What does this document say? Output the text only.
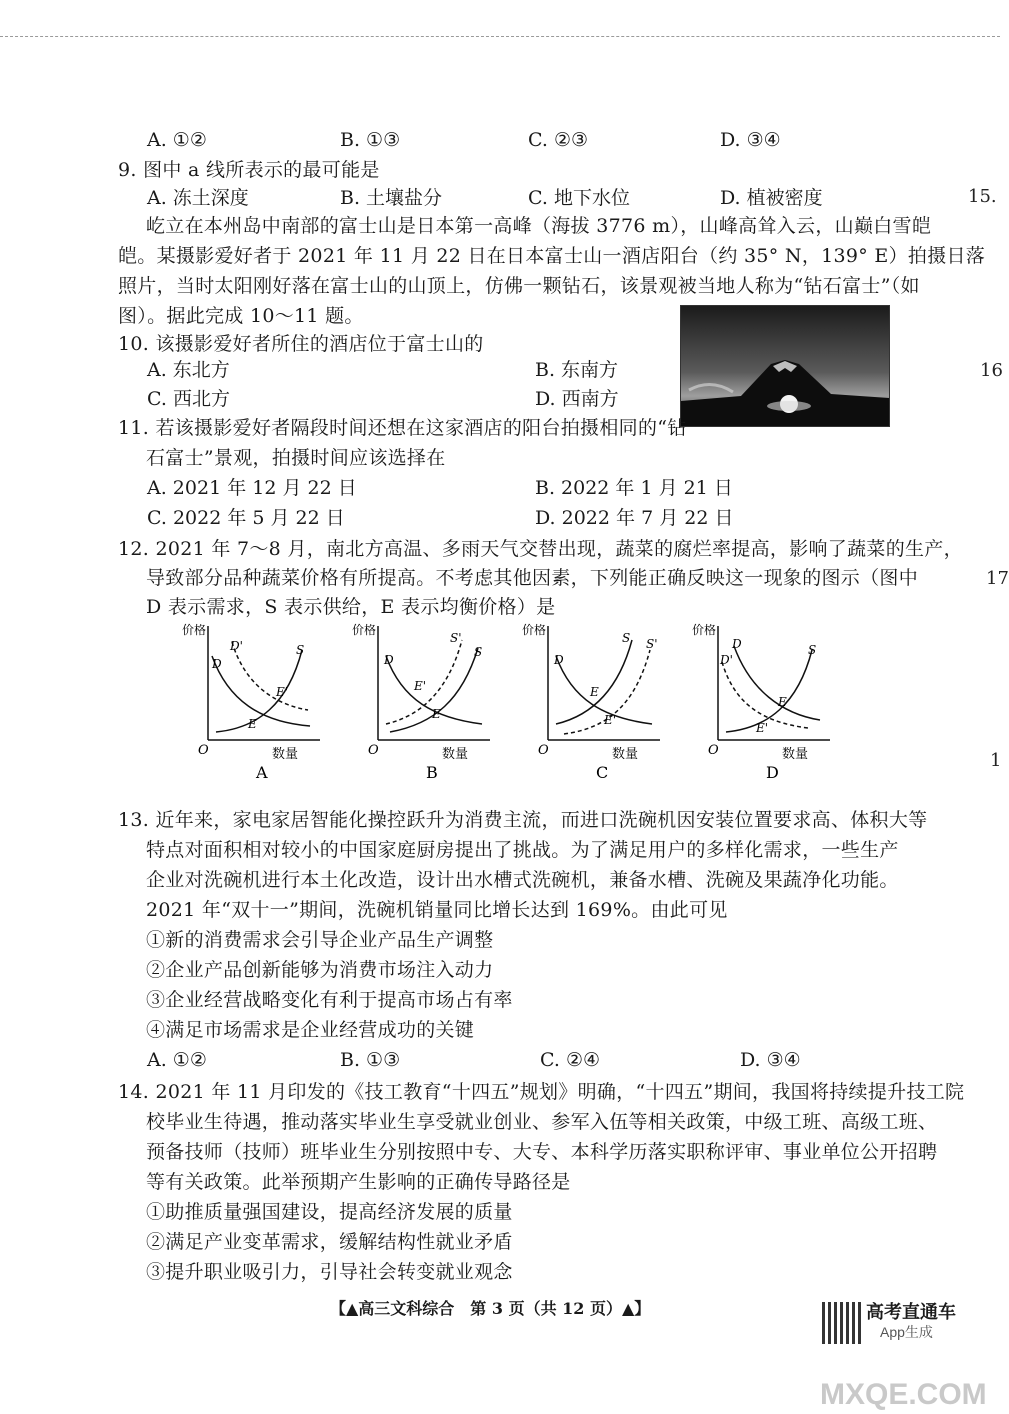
A. ①②	B. ①③	C. ②③	D. ③④
9. 图中 a 线所表示的最可能是
A. 冻土深度	B. 土壤盐分	C. 地下水位	D. 植被密度
屹立在本州岛中南部的富士山是日本第一高峰（海拔 3776 m），山峰高耸入云，山巅白雪皑
皑。某摄影爱好者于 2021 年 11 月 22 日在日本富士山一酒店阳台（约 35° N，139° E）拍摄日落
照片，当时太阳刚好落在富士山的山顶上，仿佛一颗钻石，该景观被当地人称为“钻石富士”（如
图）。据此完成 10～11 题。
10. 该摄影爱好者所住的酒店位于富士山的
A. 东北方	B. 东南方
C. 西北方	D. 西南方
11. 若该摄影爱好者隔段时间还想在这家酒店的阳台拍摄相同的“钻
石富士”景观，拍摄时间应该选择在
A. 2021 年 12 月 22 日	B. 2022 年 1 月 21 日
C. 2022 年 5 月 22 日	D. 2022 年 7 月 22 日
12. 2021 年 7～8 月，南北方高温、多雨天气交替出现，蔬菜的腐烂率提高，影响了蔬菜的生产，
导致部分品种蔬菜价格有所提高。不考虑其他因素，下列能正确反映这一现象的图示（图中
D 表示需求，S 表示供给，E 表示均衡价格）是
价格
数量
O
D
D'	S
E
E'
A
价格
数量
O
D
S
S'
E
E'
B
价格
数量
O
D
S S'
E
E'
C
价格
数量
O
D
D'
S
E
E'
D
13. 近年来，家电家居智能化操控跃升为消费主流，而进口洗碗机因安装位置要求高、体积大等
特点对面积相对较小的中国家庭厨房提出了挑战。为了满足用户的多样化需求，一些生产
企业对洗碗机进行本土化改造，设计出水槽式洗碗机，兼备水槽、洗碗及果蔬净化功能。
2021 年“双十一”期间，洗碗机销量同比增长达到 169%。由此可见
①新的消费需求会引导企业产品生产调整
②企业产品创新能够为消费市场注入动力
③企业经营战略变化有利于提高市场占有率
④满足市场需求是企业经营成功的关键
A. ①②	B. ①③	C. ②④	D. ③④
14. 2021 年 11 月印发的《技工教育“十四五”规划》明确，“十四五”期间，我国将持续提升技工院
校毕业生待遇，推动落实毕业生享受就业创业、参军入伍等相关政策，中级工班、高级工班、
预备技师（技师）班毕业生分别按照中专、大专、本科学历落实职称评审、事业单位公开招聘
等有关政策。此举预期产生影响的正确传导路径是
①助推质量强国建设，提高经济发展的质量
②满足产业变革需求，缓解结构性就业矛盾
③提升职业吸引力，引导社会转变就业观念
15.
16
17
1
【▲高三文科综合　第 3 页（共 12 页）▲】	高考直通车
App生成
MXQE.COM
